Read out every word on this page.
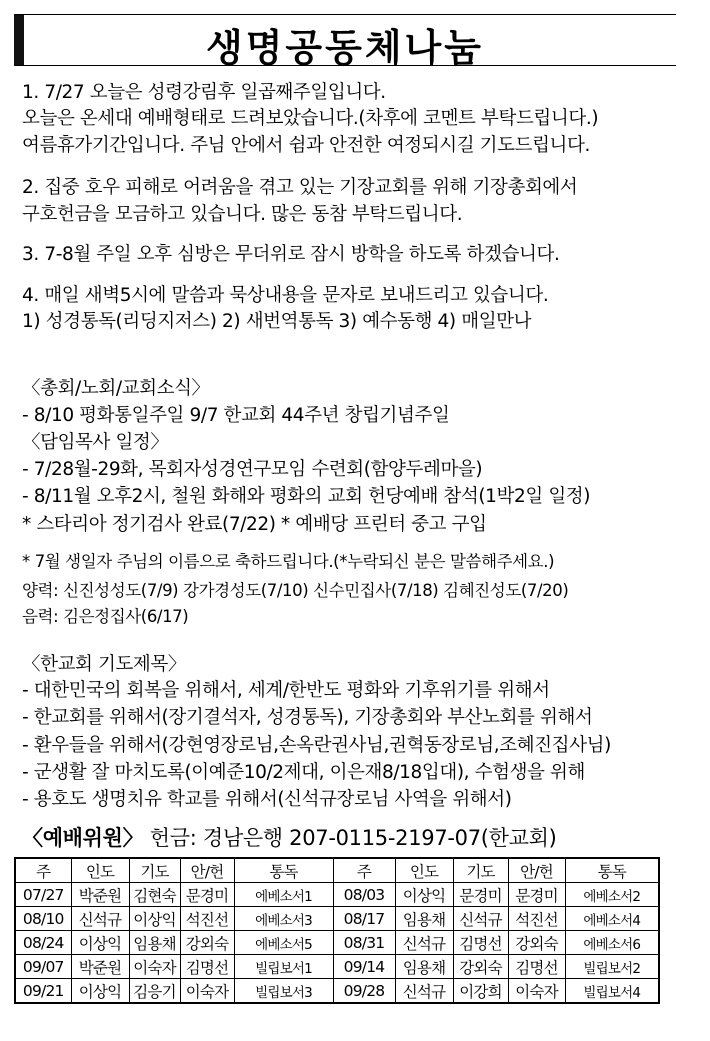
생명공동체나눔
1. 7/27 오늘은 성령강림후 일곱째주일입니다.
오늘은 온세대 예배형태로 드려보았습니다.(차후에 코멘트 부탁드립니다.)
여름휴가기간입니다. 주님 안에서 쉼과 안전한 여정되시길 기도드립니다.
2. 집중 호우 피해로 어려움을 겪고 있는 기장교회를 위해 기장총회에서
구호헌금을 모금하고 있습니다. 많은 동참 부탁드립니다.
3. 7-8월 주일 오후 심방은 무더위로 잠시 방학을 하도록 하겠습니다.
4. 매일 새벽5시에 말씀과 묵상내용을 문자로 보내드리고 있습니다.
1) 성경통독(리딩지저스) 2) 새번역통독 3) 예수동행 4) 매일만나
〈총회/노회/교회소식〉
- 8/10 평화통일주일 9/7 한교회 44주년 창립기념주일
〈담임목사 일정〉
- 7/28월-29화, 목회자성경연구모임 수련회(함양두레마을)
- 8/11월 오후2시, 철원 화해와 평화의 교회 헌당예배 참석(1박2일 일정)
* 스타리아 정기검사 완료(7/22) * 예배당 프린터 중고 구입
* 7월 생일자 주님의 이름으로 축하드립니다.(*누락되신 분은 말씀해주세요.)
양력: 신진성성도(7/9) 강가경성도(7/10) 신수민집사(7/18) 김혜진성도(7/20)
음력: 김은정집사(6/17)
〈한교회 기도제목〉
- 대한민국의 회복을 위해서, 세계/한반도 평화와 기후위기를 위해서
- 한교회를 위해서(장기결석자, 성경통독), 기장총회와 부산노회를 위해서
- 환우들을 위해서(강현영장로님,손옥란권사님,권혁동장로님,조혜진집사님)
- 군생활 잘 마치도록(이예준10/2제대, 이은재8/18입대), 수험생을 위해
- 용호도 생명치유 학교를 위해서(신석규장로님 사역을 위해서)
〈예배위원〉 헌금: 경남은행 207-0115-2197-07(한교회)
주	인도	기도	안/헌	통독	주	인도	기도	안/헌	통독
07/27	박준원	김현숙	문경미	에베소서1	08/03	이상익	문경미	문경미	에베소서2
08/10	신석규	이상익	석진선	에베소서3	08/17	임용채	신석규	석진선	에베소서4
08/24	이상익	임용채	강외숙	에베소서5	08/31	신석규	김명선	강외숙	에베소서6
09/07	박준원	이숙자	김명선	빌립보서1	09/14	임용채	강외숙	김명선	빌립보서2
09/21	이상익	김응기	이숙자	빌립보서3	09/28	신석규	이강희	이숙자	빌립보서4
